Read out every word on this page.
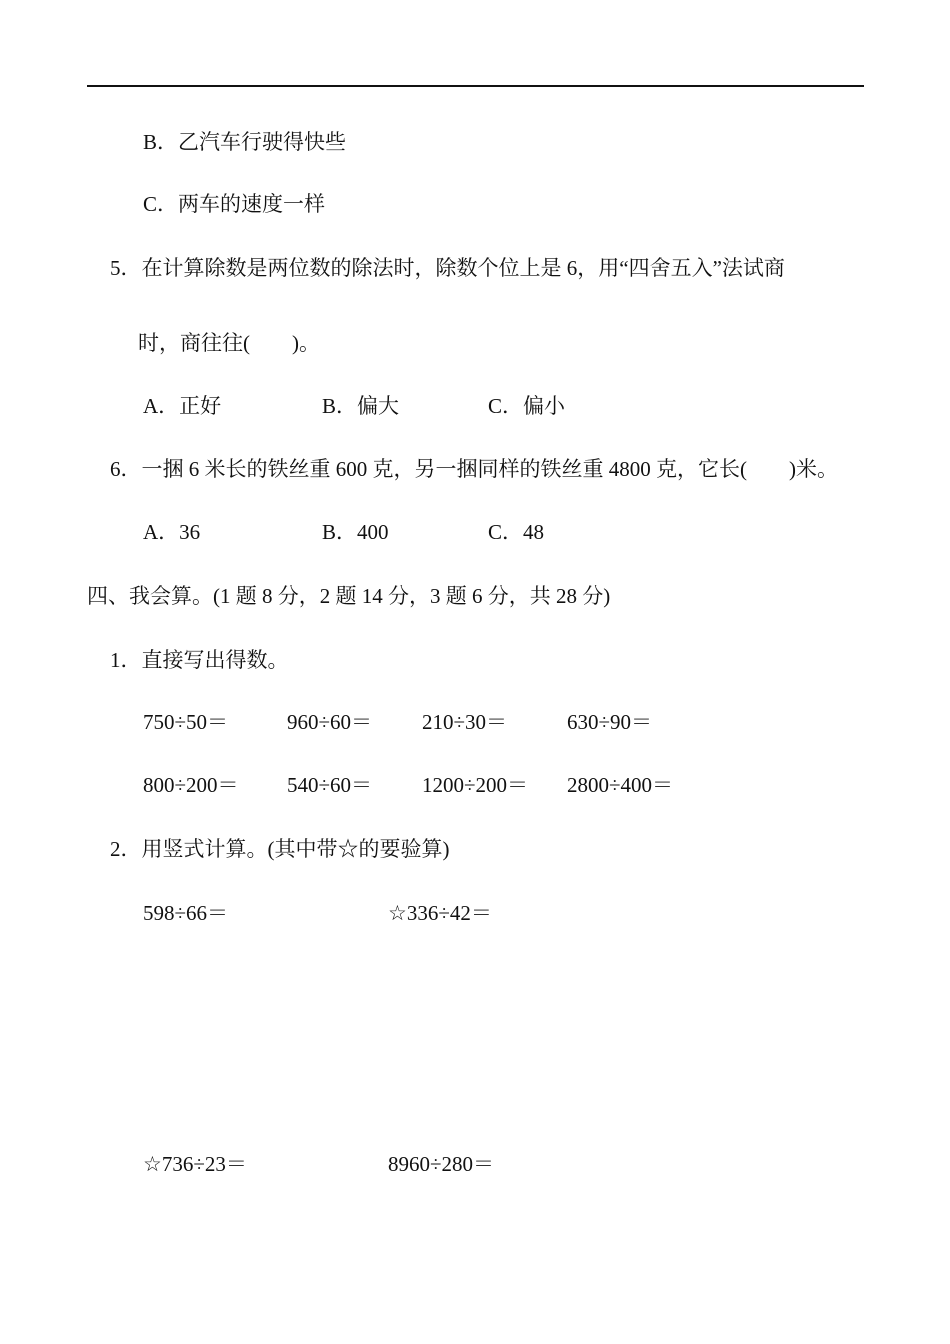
B．乙汽车行驶得快些
C．两车的速度一样
5．在计算除数是两位数的除法时，除数个位上是 6，用“四舍五入”法试商
时，商往往(　　)。
A．正好	B．偏大	C．偏小
6．一捆 6 米长的铁丝重 600 克，另一捆同样的铁丝重 4800 克，它长(　　)米。
A．36	B．400	C．48
四、我会算。(1 题 8 分，2 题 14 分，3 题 6 分，共 28 分)
1．直接写出得数。
750÷50＝	960÷60＝ 210÷30＝	630÷90＝
800÷200＝ 540÷60＝ 1200÷200＝ 2800÷400＝
2．用竖式计算。(其中带☆的要验算)
598÷66＝	☆336÷42＝
☆736÷23＝	8960÷280＝
